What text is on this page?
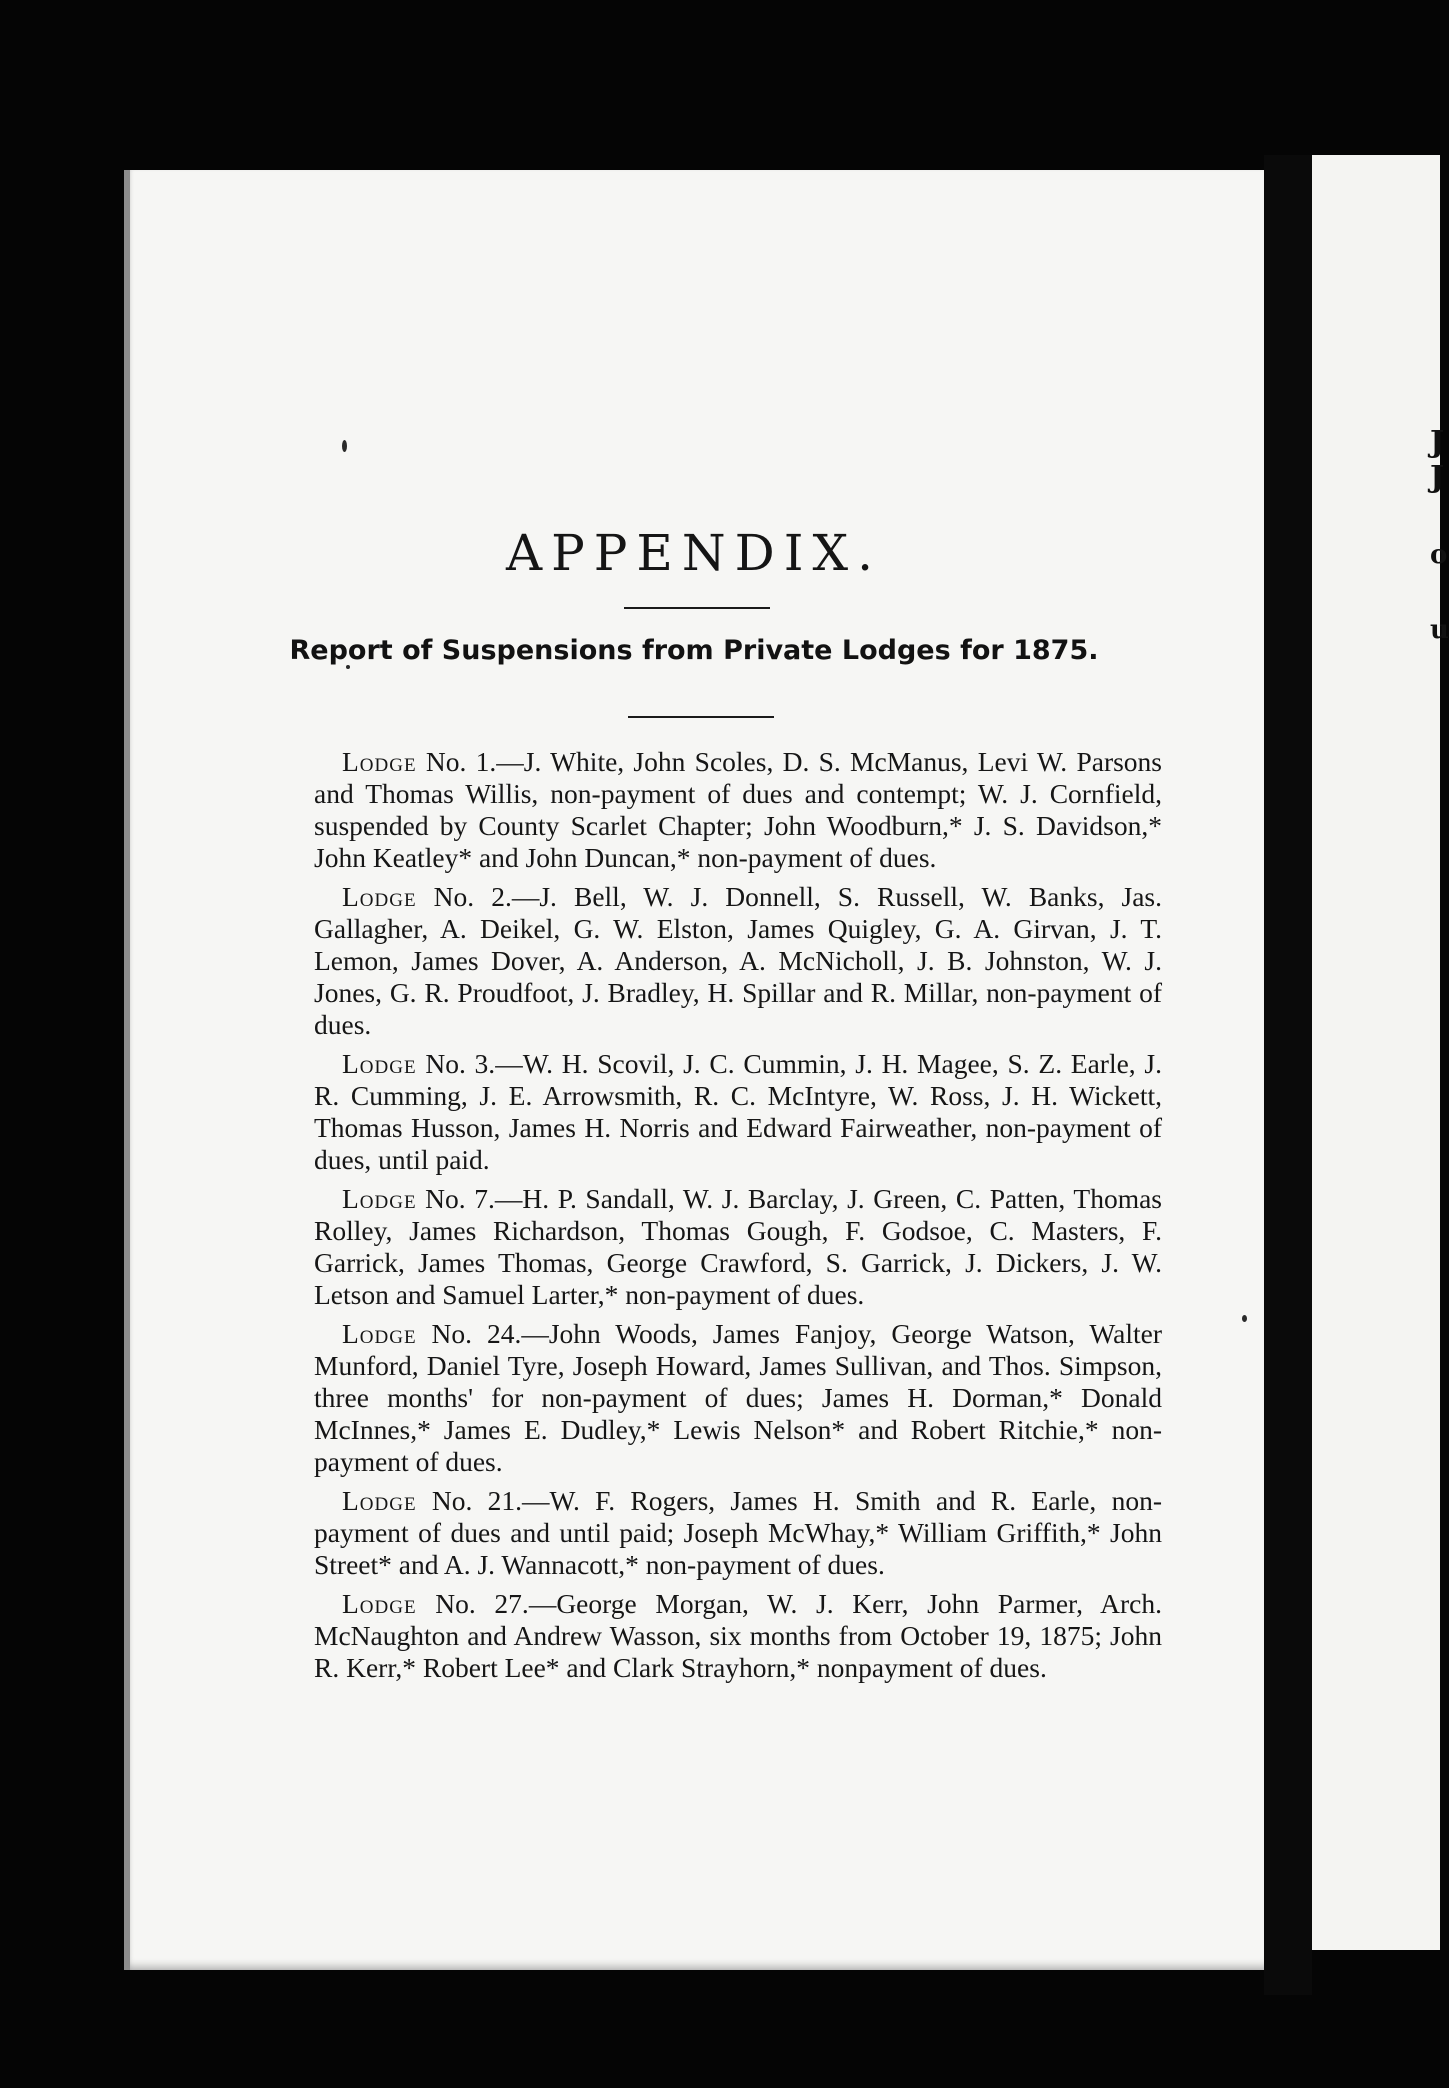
J
J
o
u
APPENDIX.
Report of Suspensions from Private Lodges for 1875.

Lodge No. 1.—J. White, John Scoles, D. S. McManus, Levi W. Parsons and Thomas Willis, non-payment of dues and contempt; W. J. Cornfield, suspended by County Scarlet Chapter; John Woodburn,* J. S. Davidson,* John Keatley* and John Duncan,* non-payment of dues.

Lodge No. 2.—J. Bell, W. J. Donnell, S. Russell, W. Banks, Jas. Gallagher, A. Deikel, G. W. Elston, James Quigley, G. A. Girvan, J. T. Lemon, James Dover, A. Anderson, A. McNicholl, J. B. Johnston, W. J. Jones, G. R. Proudfoot, J. Bradley, H. Spillar and R. Millar, non-payment of dues.

Lodge No. 3.—W. H. Scovil, J. C. Cummin, J. H. Magee, S. Z. Earle, J. R. Cumming, J. E. Arrowsmith, R. C. McIntyre, W. Ross, J. H. Wickett, Thomas Husson, James H. Norris and Edward Fairweather, non-payment of dues, until paid.

Lodge No. 7.—H. P. Sandall, W. J. Barclay, J. Green, C. Patten, Thomas Rolley, James Richardson, Thomas Gough, F. Godsoe, C. Masters, F. Garrick, James Thomas, George Crawford, S. Garrick, J. Dickers, J. W. Letson and Samuel Larter,* non-payment of dues.

Lodge No. 24.—John Woods, James Fanjoy, George Watson, Walter Munford, Daniel Tyre, Joseph Howard, James Sullivan, and Thos. Simpson, three months' for non-payment of dues; James H. Dorman,* Donald McInnes,* James E. Dudley,* Lewis Nelson* and Robert Ritchie,* non-payment of dues.

Lodge No. 21.—W. F. Rogers, James H. Smith and R. Earle, non-payment of dues and until paid; Joseph McWhay,* William Griffith,* John Street* and A. J. Wannacott,* non-payment of dues.

Lodge No. 27.—George Morgan, W. J. Kerr, John Parmer, Arch. McNaughton and Andrew Wasson, six months from October 19, 1875; John R. Kerr,* Robert Lee* and Clark Strayhorn,* nonpayment of dues.
